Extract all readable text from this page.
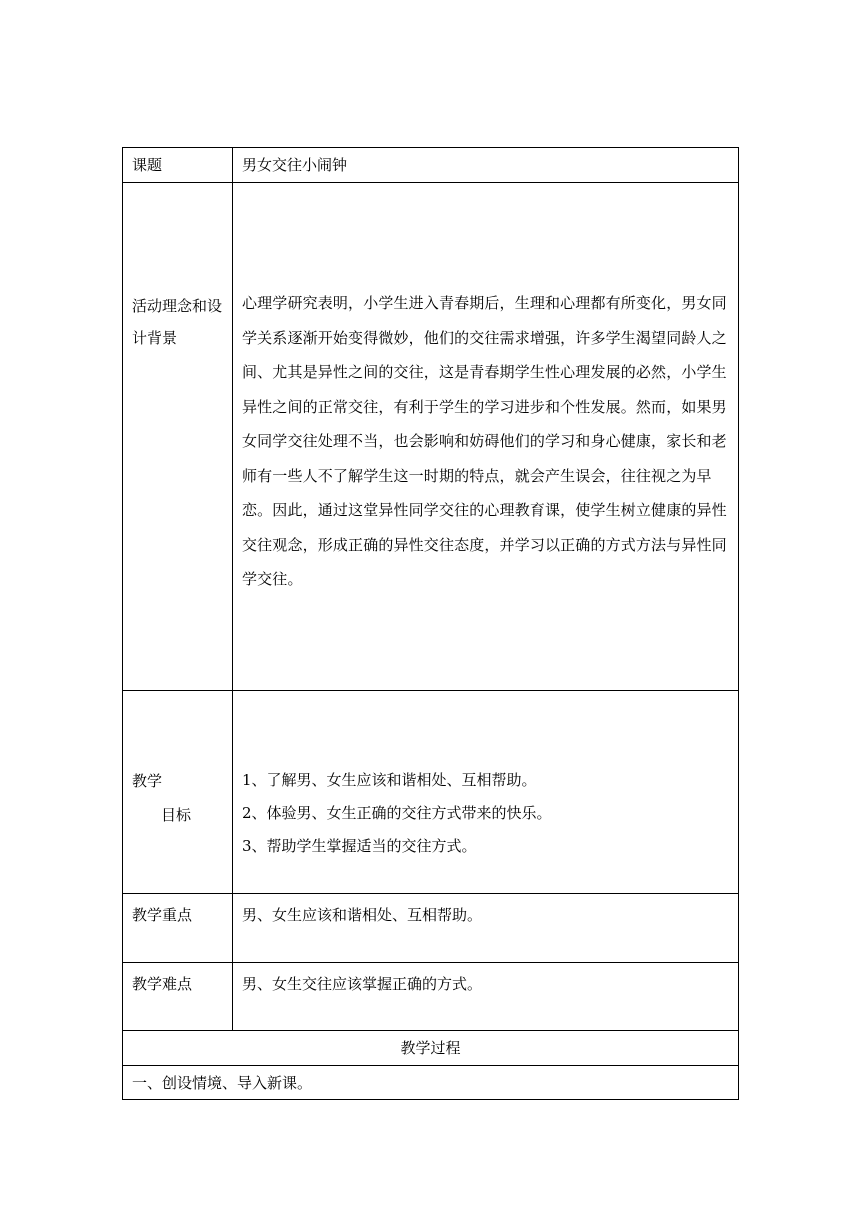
课题	男女交往小闹钟

活动理念和设计背景	心理学研究表明，小学生进入青春期后，生理和心理都有所变化，男女同学关系逐渐开始变得微妙，他们的交往需求增强，许多学生渴望同龄人之间、尤其是异性之间的交往，这是青春期学生性心理发展的必然，小学生异性之间的正常交往，有利于学生的学习进步和个性发展。然而，如果男女同学交往处理不当，也会影响和妨碍他们的学习和身心健康，家长和老师有一些人不了解学生这一时期的特点，就会产生误会，往往视之为早恋。因此，通过这堂异性同学交往的心理教育课，使学生树立健康的异性交往观念，形成正确的异性交往态度，并学习以正确的方式方法与异性同学交往。

教学
目标	1、了解男、女生应该和谐相处、互相帮助。
2、体验男、女生正确的交往方式带来的快乐。
3、帮助学生掌握适当的交往方式。

教学重点	男、女生应该和谐相处、互相帮助。

教学难点	男、女生交往应该掌握正确的方式。

教学过程	

一、创设情境、导入新课。	
